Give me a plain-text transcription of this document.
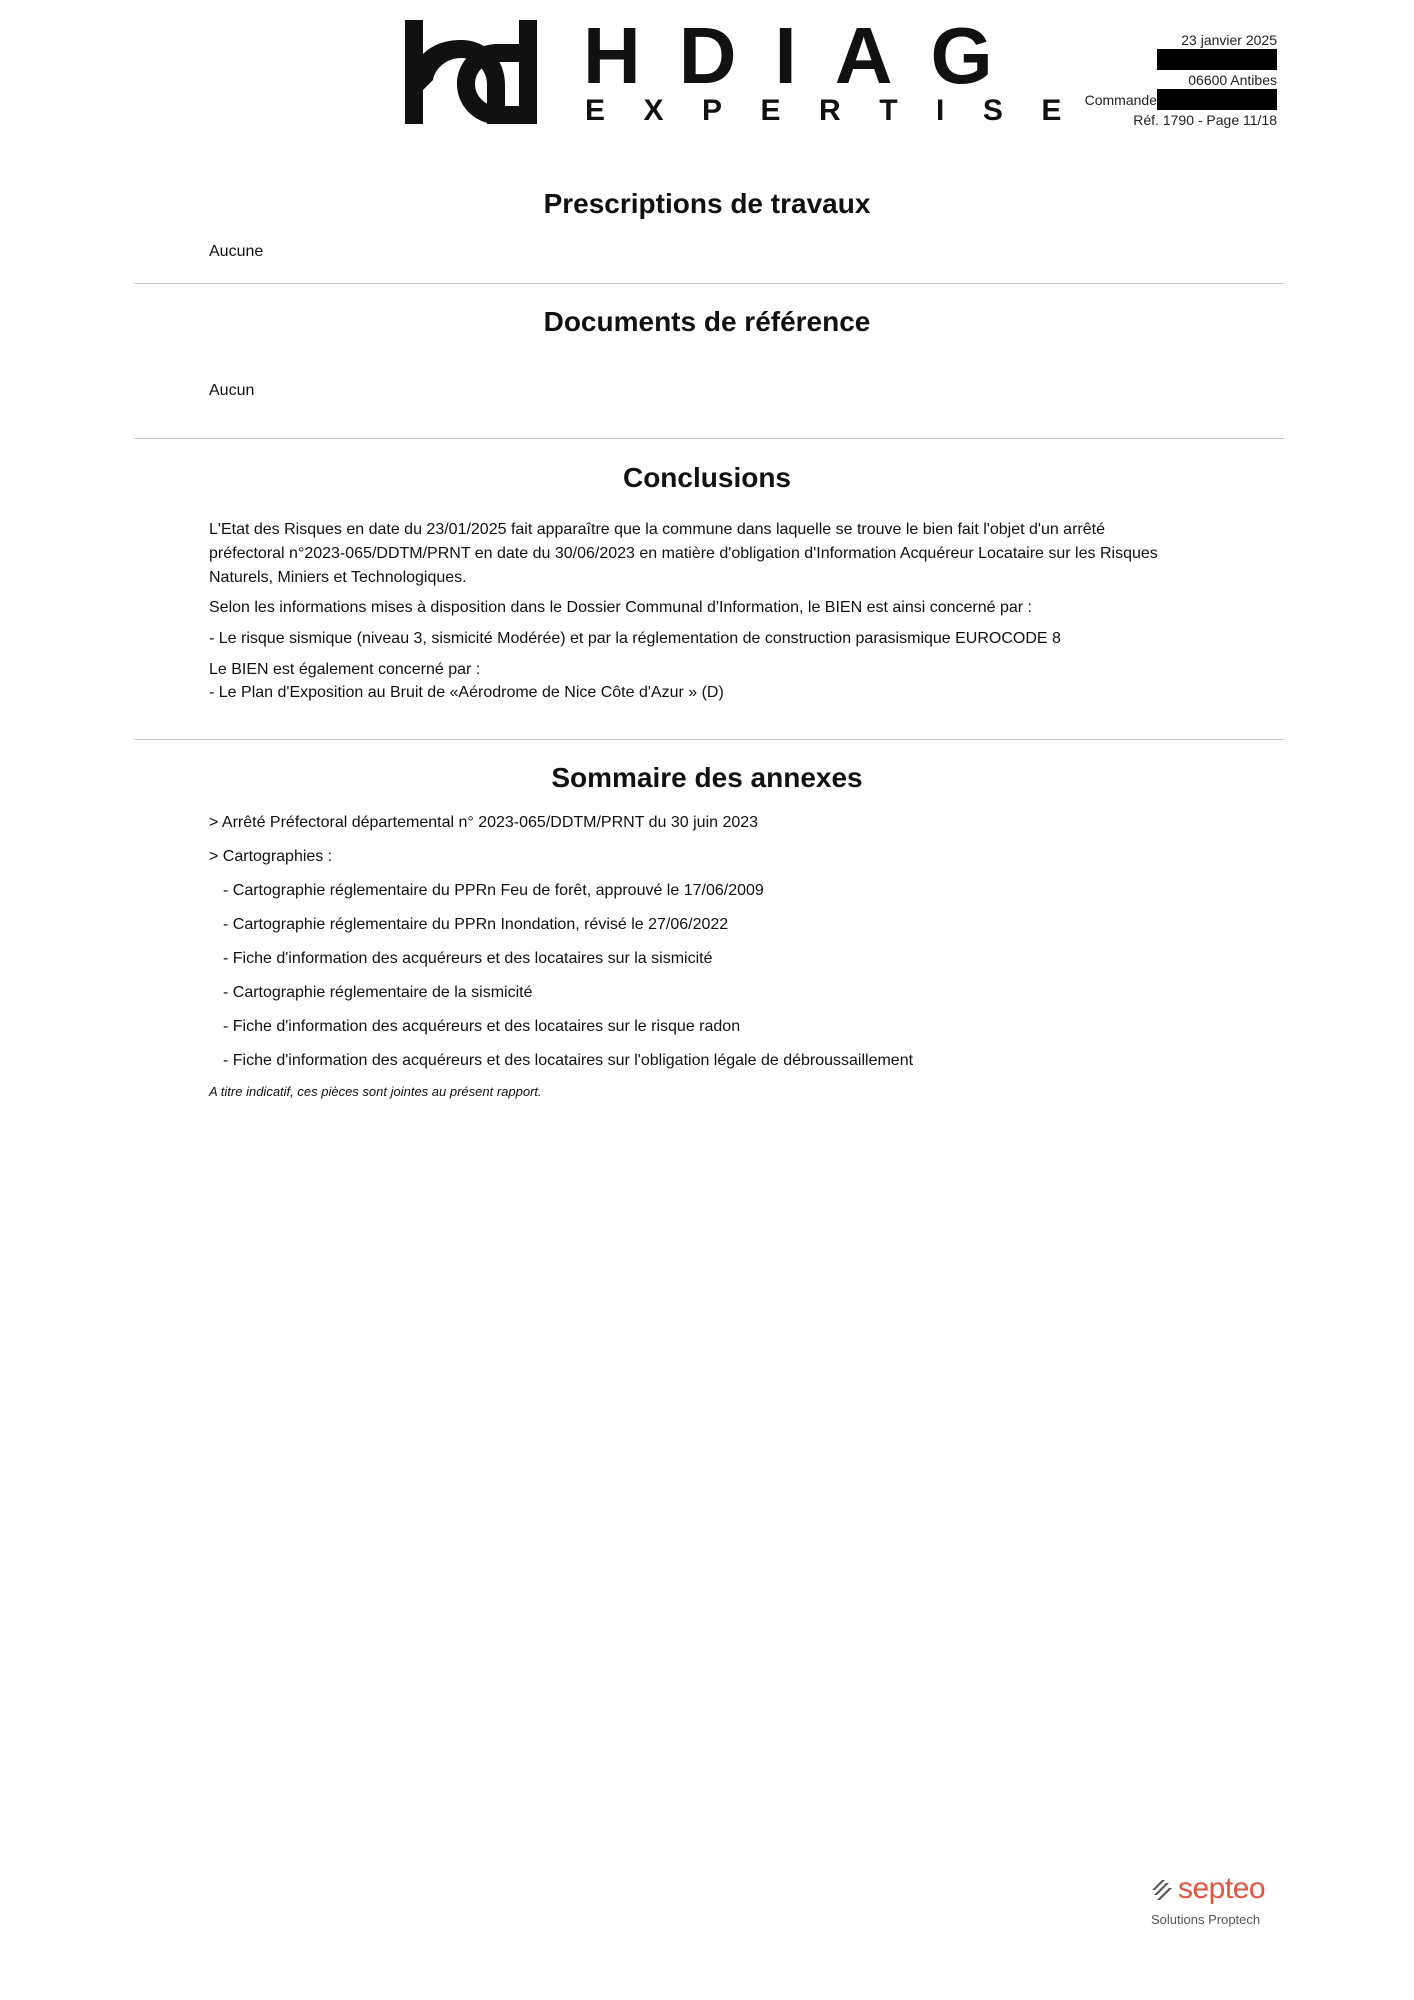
HDIAG
EXPERTISE
23 janvier 2025
06600 Antibes
Commande
Réf. 1790 - Page 11/18
Prescriptions de travaux
Aucune
Documents de référence
Aucun
Conclusions
L'Etat des Risques en date du 23/01/2025 fait apparaître que la commune dans laquelle se trouve le bien fait l'objet d'un arrêté préfectoral n°2023-065/DDTM/PRNT en date du 30/06/2023 en matière d'obligation d'Information Acquéreur Locataire sur les Risques Naturels, Miniers et Technologiques.
Selon les informations mises à disposition dans le Dossier Communal d'Information, le BIEN est ainsi concerné par :
- Le risque sismique (niveau 3, sismicité Modérée) et par la réglementation de construction parasismique EUROCODE 8
Le BIEN est également concerné par :
- Le Plan d'Exposition au Bruit de «Aérodrome de Nice Côte d'Azur » (D)
Sommaire des annexes
> Arrêté Préfectoral départemental n° 2023-065/DDTM/PRNT du 30 juin 2023
> Cartographies :
- Cartographie réglementaire du PPRn Feu de forêt, approuvé le 17/06/2009
- Cartographie réglementaire du PPRn Inondation, révisé le 27/06/2022
- Fiche d'information des acquéreurs et des locataires sur la sismicité
- Cartographie réglementaire de la sismicité
- Fiche d'information des acquéreurs et des locataires sur le risque radon
- Fiche d'information des acquéreurs et des locataires sur l'obligation légale de débroussaillement
A titre indicatif, ces pièces sont jointes au présent rapport.
septeo
Solutions Proptech
